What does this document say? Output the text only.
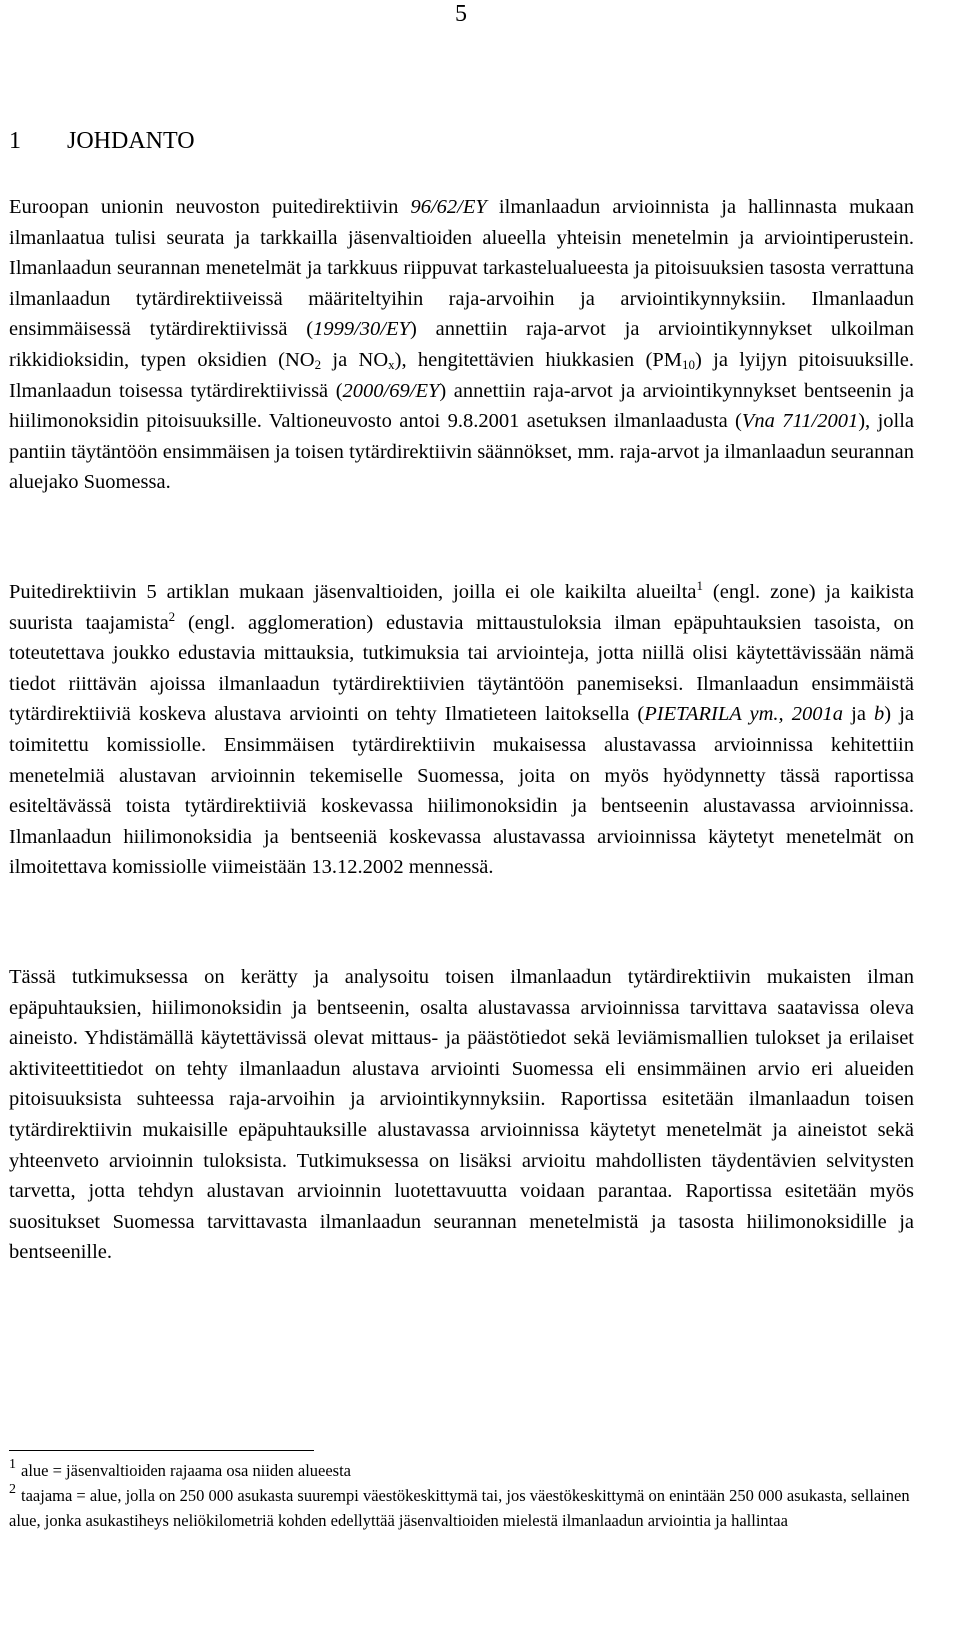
5
1 JOHDANTO

Euroopan unionin neuvoston puitedirektiivin 96/62/EY ilmanlaadun arvioinnista ja hallinnasta mukaan ilmanlaatua tulisi seurata ja tarkkailla jäsenvaltioiden alueella yhteisin menetelmin ja arviointiperustein. Ilmanlaadun seurannan menetelmät ja tarkkuus riippuvat tarkastelualueesta ja pitoisuuksien tasosta verrattuna ilmanlaadun tytärdirektiiveissä määriteltyihin raja-arvoihin ja arviointikynnyksiin. Ilmanlaadun ensimmäisessä tytärdirektiivissä (1999/30/EY) annettiin raja-arvot ja arviointikynnykset ulkoilman rikkidioksidin, typen oksidien ($NO_2$ ja $NO_x$), hengitettävien hiukkasien $(PM_{10})$ ja lyijyn pitoisuuksille. Ilmanlaadun toisessa tytärdirektiivissä (2000/69/EY) annettiin raja-arvot ja arviointikynnykset bentseenin ja hiilimonoksidin pitoisuuksille. Valtioneuvosto antoi 9.8.2001 asetuksen ilmanlaadusta (Vna 711/2001), jolla pantiin täytäntöön ensimmäisen ja toisen tytärdirektiivin säännökset, mm. raja-arvot ja ilmanlaadun seurannan aluejako Suomessa.

Puitedirektiivin 5 artiklan mukaan jäsenvaltioiden, joilla ei ole kaikilta alueilta$^1$ (engl. zone) ja kaikista suurista taajamista$^2$ (engl. agglomeration) edustavia mittaustuloksia ilman epäpuhtauksien tasoista, on toteutettava joukko edustavia mittauksia, tutkimuksia tai arviointeja, jotta niillä olisi käytettävissään nämä tiedot riittävän ajoissa ilmanlaadun tytärdirektiivien täytäntöön panemiseksi. Ilmanlaadun ensimmäistä tytärdirektiiviä koskeva alustava arviointi on tehty Ilmatieteen laitoksella (PIETARILA ym., 2001a ja b) ja toimitettu komissiolle. Ensimmäisen tytärdirektiivin mukaisessa alustavassa arvioinnissa kehitettiin menetelmiä alustavan arvioinnin tekemiselle Suomessa, joita on myös hyödynnetty tässä raportissa esiteltävässä toista tytärdirektiiviä koskevassa hiilimonoksidin ja bentseenin alustavassa arvioinnissa. Ilmanlaadun hiilimonoksidia ja bentseeniä koskevassa alustavassa arvioinnissa käytetyt menetelmät on ilmoitettava komissiolle viimeistään 13.12.2002 mennessä.

Tässä tutkimuksessa on kerätty ja analysoitu toisen ilmanlaadun tytärdirektiivin mukaisten ilman epäpuhtauksien, hiilimonoksidin ja bentseenin, osalta alustavassa arvioinnissa tarvittava saatavissa oleva aineisto. Yhdistämällä käytettävissä olevat mittaus- ja päästötiedot sekä leviämismallien tulokset ja erilaiset aktiviteettitiedot on tehty ilmanlaadun alustava arviointi Suomessa eli ensimmäinen arvio eri alueiden pitoisuuksista suhteessa raja-arvoihin ja arviointikynnyksiin. Raportissa esitetään ilmanlaadun toisen tytärdirektiivin mukaisille epäpuhtauksille alustavassa arvioinnissa käytetyt menetelmät ja aineistot sekä yhteenveto arvioinnin tuloksista. Tutkimuksessa on lisäksi arvioitu mahdollisten täydentävien selvitysten tarvetta, jotta tehdyn alustavan arvioinnin luotettavuutta voidaan parantaa. Raportissa esitetään myös suositukset Suomessa tarvittavasta ilmanlaadun seurannan menetelmistä ja tasosta hiilimonoksidille ja bentseenille.

$^1$ alue = jäsenvaltioiden rajaama osa niiden alueesta

$^2$ taajama = alue, jolla on 250 000 asukasta suurempi väestökeskittymä tai, jos väestökeskittymä on enintään 250 000 asukasta, sellainen alue, jonka asukastiheys neliökilometriä kohden edellyttää jäsenvaltioiden mielestä ilmanlaadun arviointia ja hallintaa
